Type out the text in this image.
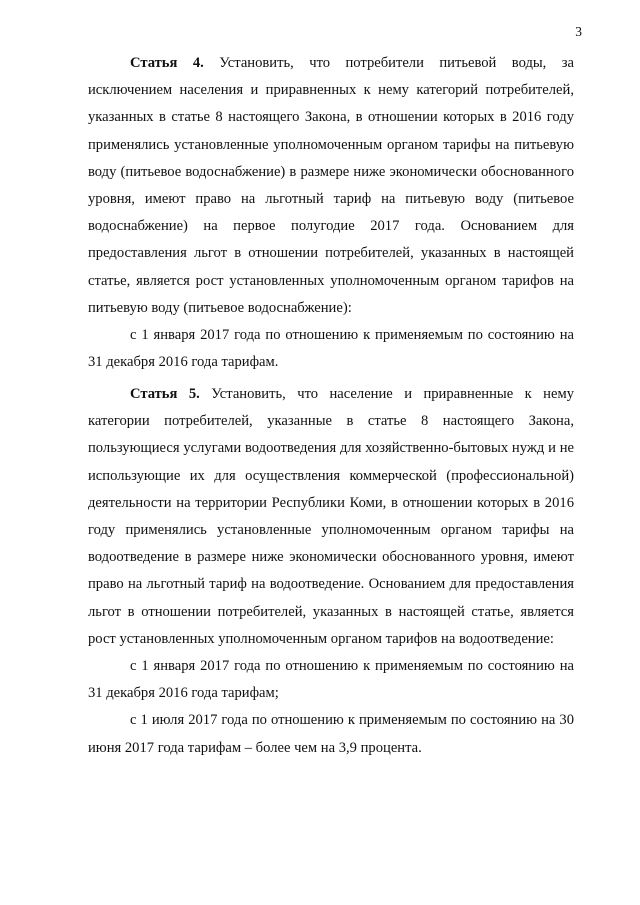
3

Статья 4. Установить, что потребители питьевой воды, за исключением населения и приравненных к нему категорий потребителей, указанных в статье 8 настоящего Закона, в отношении которых в 2016 году применялись установленные уполномоченным органом тарифы на питьевую воду (питьевое водоснабжение) в размере ниже экономически обоснованного уровня, имеют право на льготный тариф на питьевую воду (питьевое водоснабжение) на первое полугодие 2017 года. Основанием для предоставления льгот в отношении потребителей, указанных в настоящей статье, является рост установленных уполномоченным органом тарифов на питьевую воду (питьевое водоснабжение):

с 1 января 2017 года по отношению к применяемым по состоянию на 31 декабря 2016 года тарифам.

Статья 5. Установить, что население и приравненные к нему категории потребителей, указанные в статье 8 настоящего Закона, пользующиеся услугами водоотведения для хозяйственно-бытовых нужд и не использующие их для осуществления коммерческой (профессиональной) деятельности на территории Республики Коми, в отношении которых в 2016 году применялись установленные уполномоченным органом тарифы на водоотведение в размере ниже экономически обоснованного уровня, имеют право на льготный тариф на водоотведение. Основанием для предоставления льгот в отношении потребителей, указанных в настоящей статье, является рост установленных уполномоченным органом тарифов на водоотведение:

с 1 января 2017 года по отношению к применяемым по состоянию на 31 декабря 2016 года тарифам;

с 1 июля 2017 года по отношению к применяемым по состоянию на 30 июня 2017 года тарифам – более чем на 3,9 процента.
